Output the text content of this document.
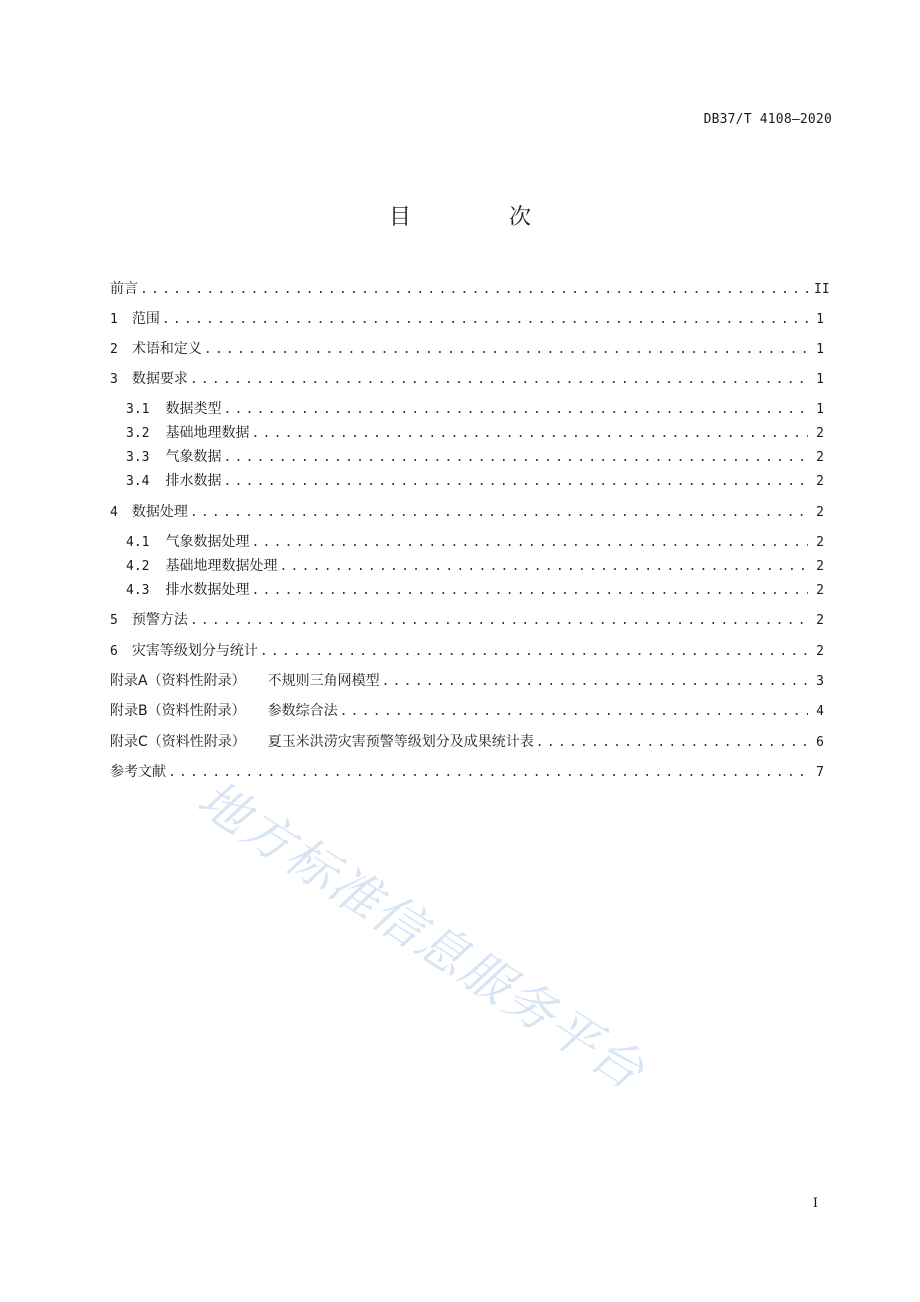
DB37/T 4108—2020
目　次
前言 . . .	II
1 范围 . . .	1
2 术语和定义 . . .	1
3 数据要求 . . .	1
3.1 数据类型 . . .	1
3.2 基础地理数据 . . .	2
3.3 气象数据 . . .	2
3.4 排水数据 . . .	2
4 数据处理 . . .	2
4.1 气象数据处理 . . .	2
4.2 基础地理数据处理 . . .	2
4.3 排水数据处理 . . .	2
5 预警方法 . . .	2
6 灾害等级划分与统计 . . .	2
附录A（资料性附录） 不规则三角网模型 . . .	3
附录B（资料性附录） 参数综合法 . . .	4
附录C（资料性附录） 夏玉米洪涝灾害预警等级划分及成果统计表 . . .	6
参考文献 . . .	7
地方标准信息服务平台
I
